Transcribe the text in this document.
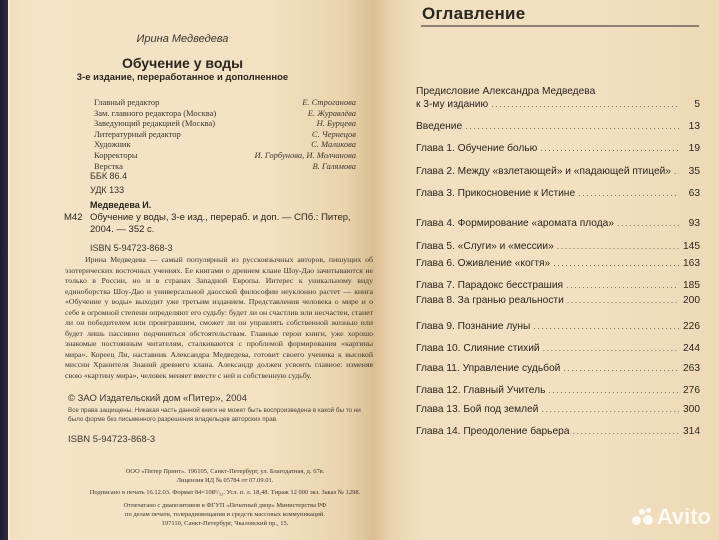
Ирина Медведева
Обучение у воды
3-е издание, переработанное и дополненное
Главный редактор	Е. Строганова
Зам. главного редактора (Москва)	Е. Журавлёва
Заведующий редакцией (Москва)	Н. Бурцева
Литературный редактор	С. Чернецов
Художник	С. Маликова
Корректоры	И. Горбунова, И. Молчанова
Верстка	В. Галямова
ББК 86.4
УДК 133
Медведева И.
М42 Обучение у воды, 3-е изд., перераб. и доп. — СПб.: Питер,
2004. — 352 с.
ISBN 5-94723-868-3

Ирина Медведева — самый популярный из русскоязычных авторов, пишущих об эзотерических восточных учениях. Ее книгами о древнем клане Шоу-Дао зачитываются не только в России, но и в странах Западной Европы. Интерес к уникальному виду единоборства Шоу-Дао и универсальной даосской философии неуклонно растет — книга «Обучение у воды» выходит уже третьим изданием. Представления человека о мире и о себе в огромной степени определяют его судьбу: будет ли он счастлив или несчастен, станет ли он победителем или проигравшим, сможет ли он управлять собственной жизнью или будет лишь пассивно подчиняться обстоятельствам. Главные герои книги, уже хорошо знакомые постоянным читателям, сталкиваются с проблемой формирования «картины мира». Кореец Ли, наставник Александра Медведева, готовит своего ученика к высокой миссии Хранителя Знаний древнего клана. Александр должен усвоить главное: изменяя свою «картину мира», человек меняет вместе с ней и собственную судьбу.

© ЗАО Издательский дом «Питер», 2004
Все права защищены. Никакая часть данной книги не может быть воспроизведена в какой бы то ни было форме без письменного разрешения владельцев авторских прав.
ISBN 5-94723-868-3
ООО «Питер Принт». 196105, Санкт-Петербург, ул. Благодатная, д. 67в.
Лицензия ИД № 05784 от 07.09.01.
Подписано в печать 16.12.03. Формат 84×108¹/₃₂. Усл. п. л. 18,48. Тираж 12 000 экз. Заказ № 1298.
Отпечатано с диапозитивов в ФГУП «Печатный двор» Министерства РФ
по делам печати, телерадиовещания и средств массовых коммуникаций.
197110, Санкт-Петербург, Чкаловский пр., 15.
Оглавление
Предисловие Александра Медведева
к 3-му изданию . . .	5
Введение . . .	13
Глава 1. Обучение болью . . .	19
Глава 2. Между «взлетающей» и «падающей птицей» . . .	35
Глава 3. Прикосновение к Истине . . .	63
Глава 4. Формирование «аромата плода» . . .	93
Глава 5. «Слуги» и «мессии» . . .	145
Глава 6. Оживление «когтя» . . .	163
Глава 7. Парадокс бесстрашия . . .	185
Глава 8. За гранью реальности . . .	200
Глава 9. Познание луны . . .	226
Глава 10. Слияние стихий . . .	244
Глава 11. Управление судьбой . . .	263
Глава 12. Главный Учитель . . .	276
Глава 13. Бой под землей . . .	300
Глава 14. Преодоление барьера . . .	314
Avito
